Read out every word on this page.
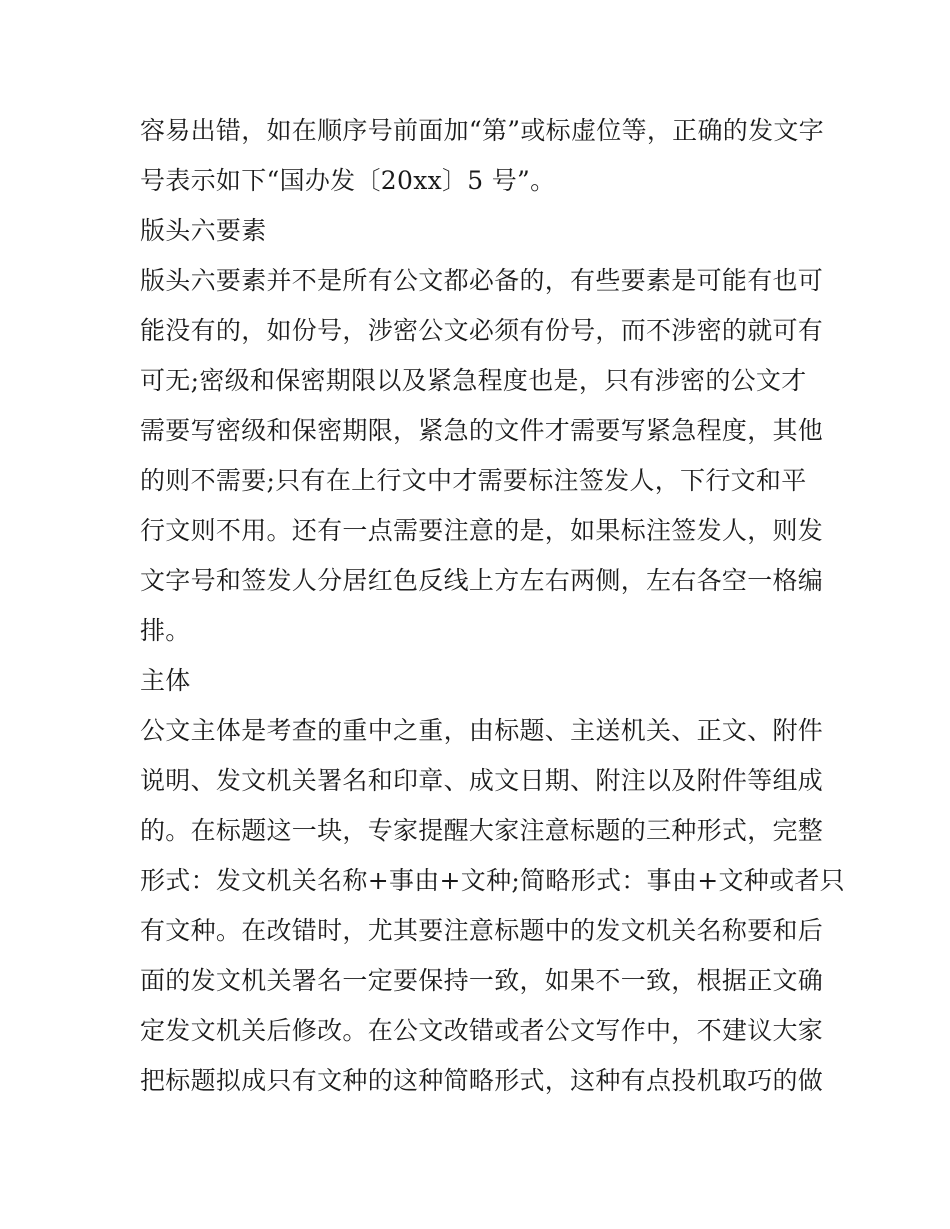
容易出错，如在顺序号前面加“第”或标虚位等，正确的发文字

号表示如下“国办发〔20xx〕5 号”。

版头六要素

版头六要素并不是所有公文都必备的，有些要素是可能有也可

能没有的，如份号，涉密公文必须有份号，而不涉密的就可有

可无;密级和保密期限以及紧急程度也是，只有涉密的公文才

需要写密级和保密期限，紧急的文件才需要写紧急程度，其他

的则不需要;只有在上行文中才需要标注签发人，下行文和平

行文则不用。还有一点需要注意的是，如果标注签发人，则发

文字号和签发人分居红色反线上方左右两侧，左右各空一格编

排。

主体

公文主体是考查的重中之重，由标题、主送机关、正文、附件

说明、发文机关署名和印章、成文日期、附注以及附件等组成

的。在标题这一块，专家提醒大家注意标题的三种形式，完整

形式：发文机关名称+事由+文种;简略形式：事由+文种或者只

有文种。在改错时，尤其要注意标题中的发文机关名称要和后

面的发文机关署名一定要保持一致，如果不一致，根据正文确

定发文机关后修改。在公文改错或者公文写作中，不建议大家

把标题拟成只有文种的这种简略形式，这种有点投机取巧的做
